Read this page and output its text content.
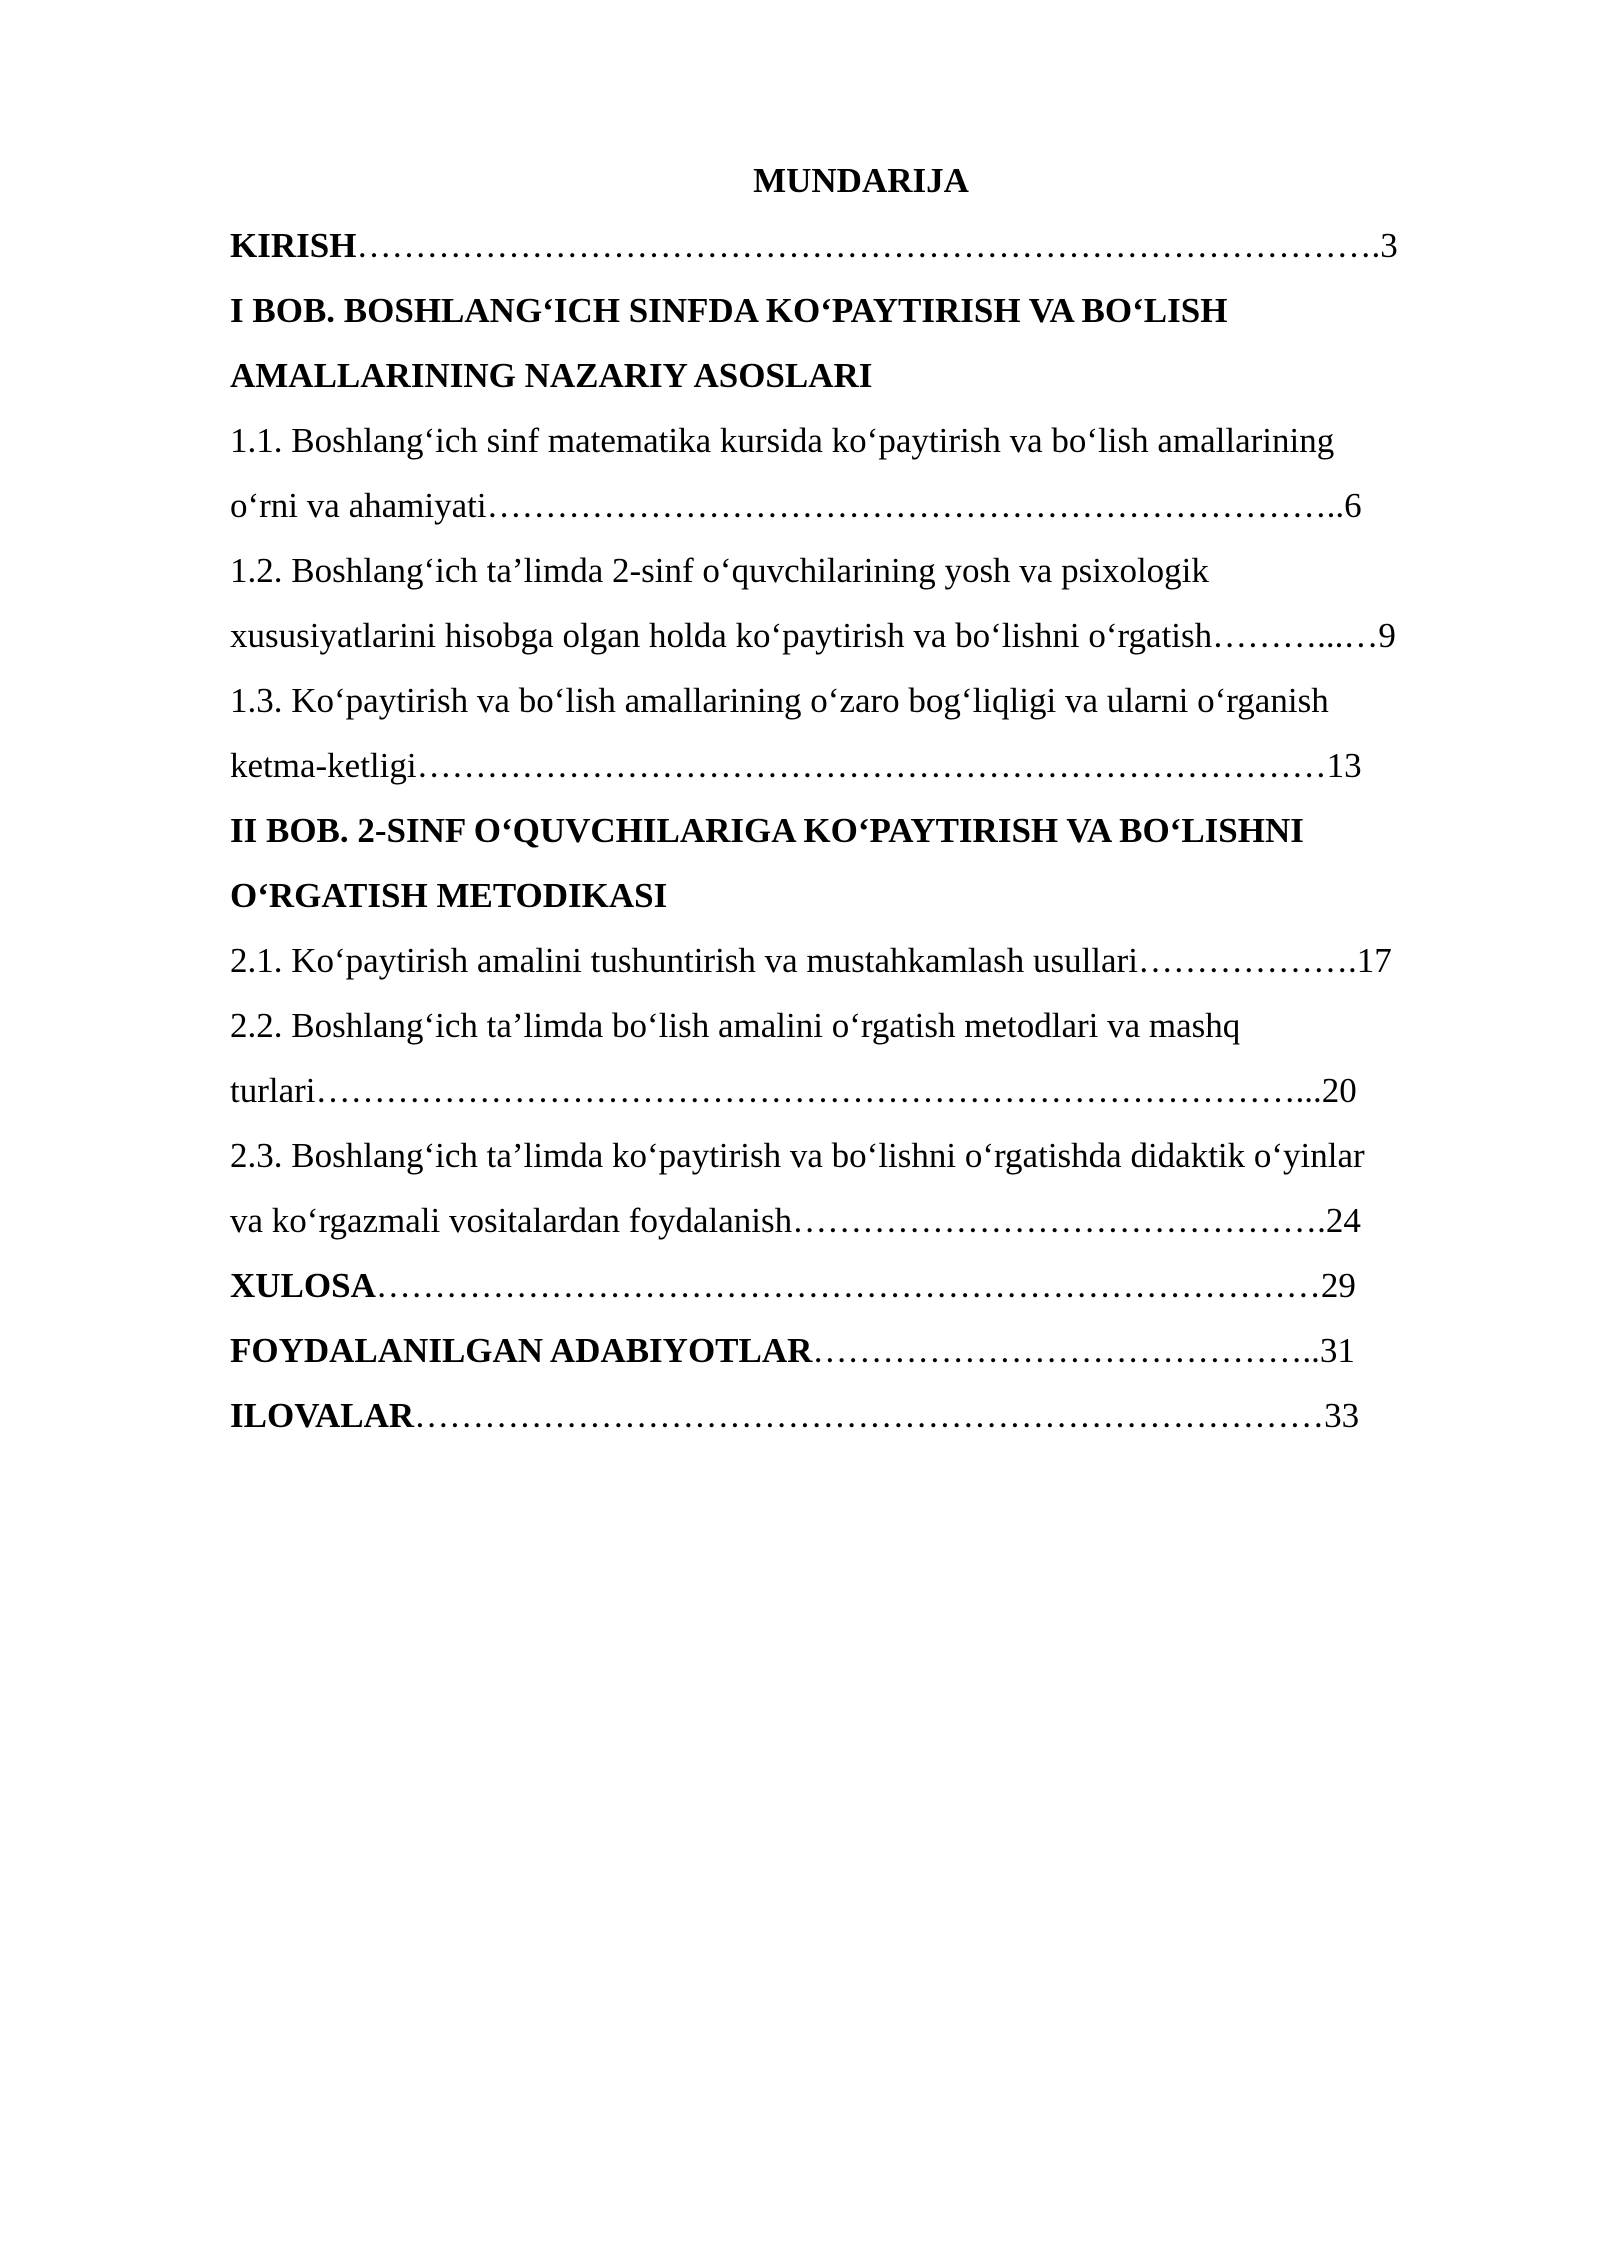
MUNDARIJA
KIRISH…………………………………………………………………………….3
I BOB. BOSHLANG‘ICH SINFDA KO‘PAYTIRISH VA BO‘LISH
AMALLARINING NAZARIY ASOSLARI
1.1. Boshlang‘ich sinf matematika kursida ko‘paytirish va bo‘lish amallarining
o‘rni va ahamiyati………………………………………………………………..6
1.2. Boshlang‘ich ta’limda 2-sinf o‘quvchilarining yosh va psixologik
xususiyatlarini hisobga olgan holda ko‘paytirish va bo‘lishni o‘rgatish………...…9
1.3. Ko‘paytirish va bo‘lish amallarining o‘zaro bog‘liqligi va ularni o‘rganish
ketma-ketligi……………………………………………………………………13
II BOB. 2-SINF O‘QUVCHILARIGA KO‘PAYTIRISH VA BO‘LISHNI
O‘RGATISH METODIKASI
2.1. Ko‘paytirish amalini tushuntirish va mustahkamlash usullari……………….17
2.2. Boshlang‘ich ta’limda bo‘lish amalini o‘rgatish metodlari va mashq
turlari…………………………………………………………………………...20
2.3. Boshlang‘ich ta’limda ko‘paytirish va bo‘lishni o‘rgatishda didaktik o‘yinlar
va ko‘rgazmali vositalardan foydalanish……………………………………….24
XULOSA………………………………………………………………………29
FOYDALANILGAN ADABIYOTLAR……………………………………..31
ILOVALAR……………………………………………………………………33
